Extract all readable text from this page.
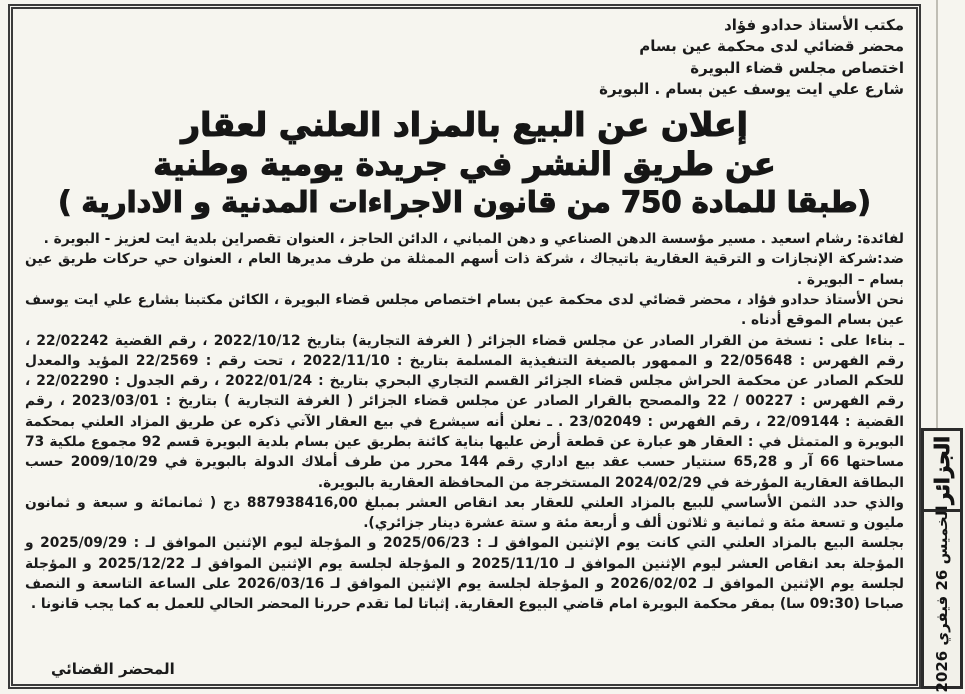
مكتب الأستاذ حدادو فؤاد
محضر قضائي لدى محكمة عين بسام
اختصاص مجلس قضاء البويرة
شارع علي ايت يوسف عين بسام . البويرة
إعلان عن البيع بالمزاد العلني لعقار
عن طريق النشر في جريدة يومية وطنية
(طبقا للمادة 750 من قانون الاجراءات المدنية و الادارية )

لفائدة: رشام اسعيد . مسير مؤسسة الدهن الصناعي و دهن المباني ، الدائن الحاجز ، العنوان تقصراين بلدية ايت لعزيز - البويرة .

ضد:شركة الإنجازات و الترقية العقارية باتيجاك ، شركة ذات أسهم الممثلة من طرف مديرها العام ، العنوان حي حركات طريق عين بسام – البويرة .

نحن الأستاذ حدادو فؤاد ، محضر قضائي لدى محكمة عين بسام اختصاص مجلس قضاء البويرة ، الكائن مكتبنا بشارع علي ايت يوسف عين بسام الموقع أدناه .

ـ بناءا على : نسخة من القرار الصادر عن مجلس قضاء الجزائر ( الغرفة التجارية) بتاريخ 2022/10/12 ، رقم القضية 22/02242 ، رقم الفهرس : 22/05648 و الممهور بالصيغة التنفيذية المسلمة بتاريخ : 2022/11/10 ، تحت رقم : 22/2569 المؤيد والمعدل للحكم الصادر عن محكمة الحراش مجلس قضاء الجزائر القسم التجاري البحري بتاريخ : 2022/01/24 ، رقم الجدول : 22/02290 ، رقم الفهرس : 00227 / 22 والمصحح بالقرار الصادر عن مجلس قضاء الجزائر ( الغرفة التجارية ) بتاريخ : 2023/03/01 ، رقم القضية : 22/09144 ، رقم الفهرس : 23/02049 . ـ نعلن أنه سيشرع في بيع العقار الآتي ذكره عن طريق المزاد العلني بمحكمة البويرة و المتمثل في : العقار هو عبارة عن قطعة أرض عليها بناية كائنة بطريق عين بسام بلدية البويرة قسم 92 مجموع ملكية 73 مساحتها 66 آر و 65,28 سنتيار حسب عقد بيع اداري رقم 144 محرر من طرف أملاك الدولة بالبويرة في 2009/10/29 حسب البطاقة العقارية المؤرخة في 2024/02/29 المستخرجة من المحافظة العقارية بالبويرة.

والذي حدد الثمن الأساسي للبيع بالمزاد العلني للعقار بعد انقاص العشر بمبلغ 887938416,00 دج ( ثمانمائة و سبعة و ثمانون مليون و تسعة مئة و ثمانية و ثلاثون ألف و أربعة مئة و ستة عشرة دينار جزائري).

بجلسة البيع بالمزاد العلني التي كانت يوم الإثنين الموافق لـ : 2025/06/23 و المؤجلة ليوم الإثنين الموافق لـ : 2025/09/29 و المؤجلة بعد انقاص العشر ليوم الإثنين الموافق لـ 2025/11/10 و المؤجلة لجلسة يوم الإثنين الموافق لـ 2025/12/22 و المؤجلة لجلسة يوم الإثنين الموافق لـ 2026/02/02 و المؤجلة لجلسة يوم الإثنين الموافق لـ 2026/03/16 على الساعة التاسعة و النصف صباحا (09:30 سا) بمقر محكمة البويرة امام قاضي البيوع العقارية. إثباتا لما تقدم حررنا المحضر الحالي للعمل به كما يجب قانونا .

المحضر القضائي
الجزائر
الخميس 26 فيفري 2026
